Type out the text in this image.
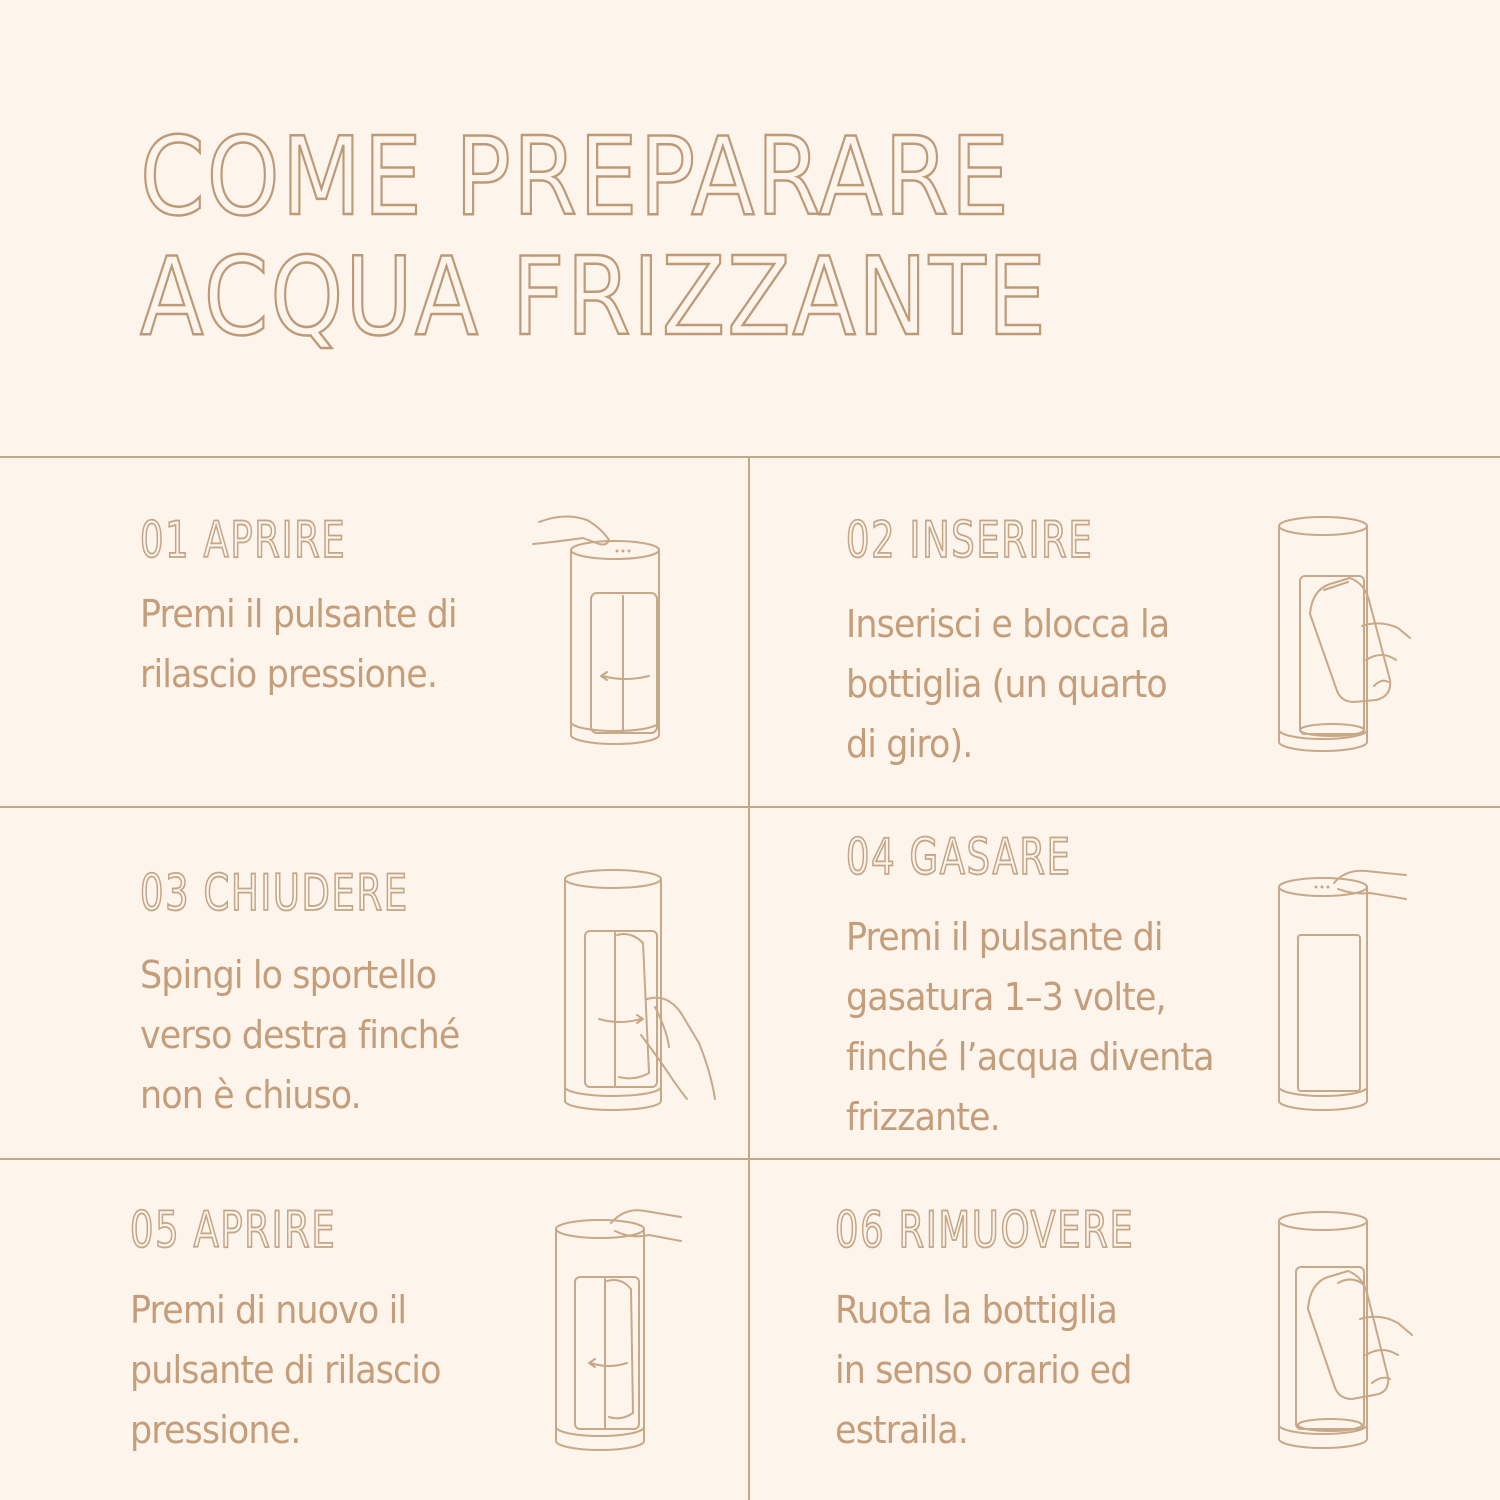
COME PREPARARE
ACQUA FRIZZANTE
01 APRIRE

Premi il pulsante di
rilascio pressione.

02 INSERIRE

Inserisci e blocca la
bottiglia (un quarto
di giro).

03 CHIUDERE

Spingi lo sportello
verso destra finché
non è chiuso.

04 GASARE

Premi il pulsante di
gasatura 1–3 volte,
finché l’acqua diventa
frizzante.

05 APRIRE

Premi di nuovo il
pulsante di rilascio
pressione.

06 RIMUOVERE

Ruota la bottiglia
in senso orario ed
estraila.
